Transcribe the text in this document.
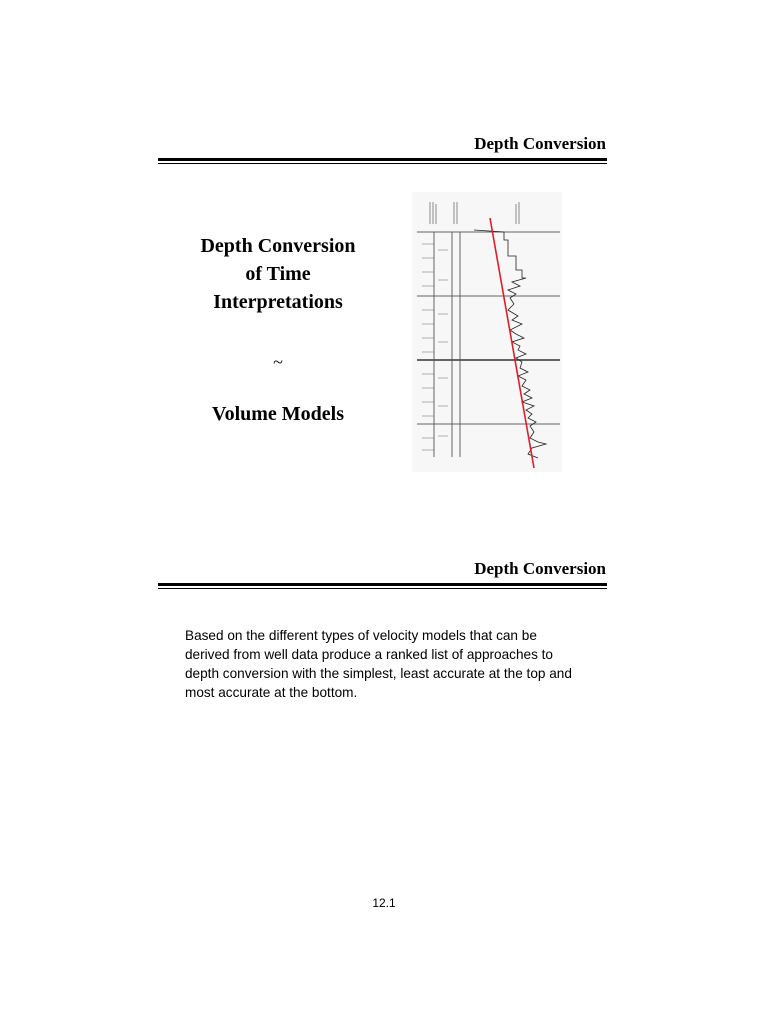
Depth Conversion
Depth Conversion
of Time
Interpretations
~
Volume Models
Depth Conversion
Based on the different types of velocity models that can be derived from well data produce a ranked list of approaches to depth conversion with the simplest, least accurate at the top and most accurate at the bottom.
12.1
